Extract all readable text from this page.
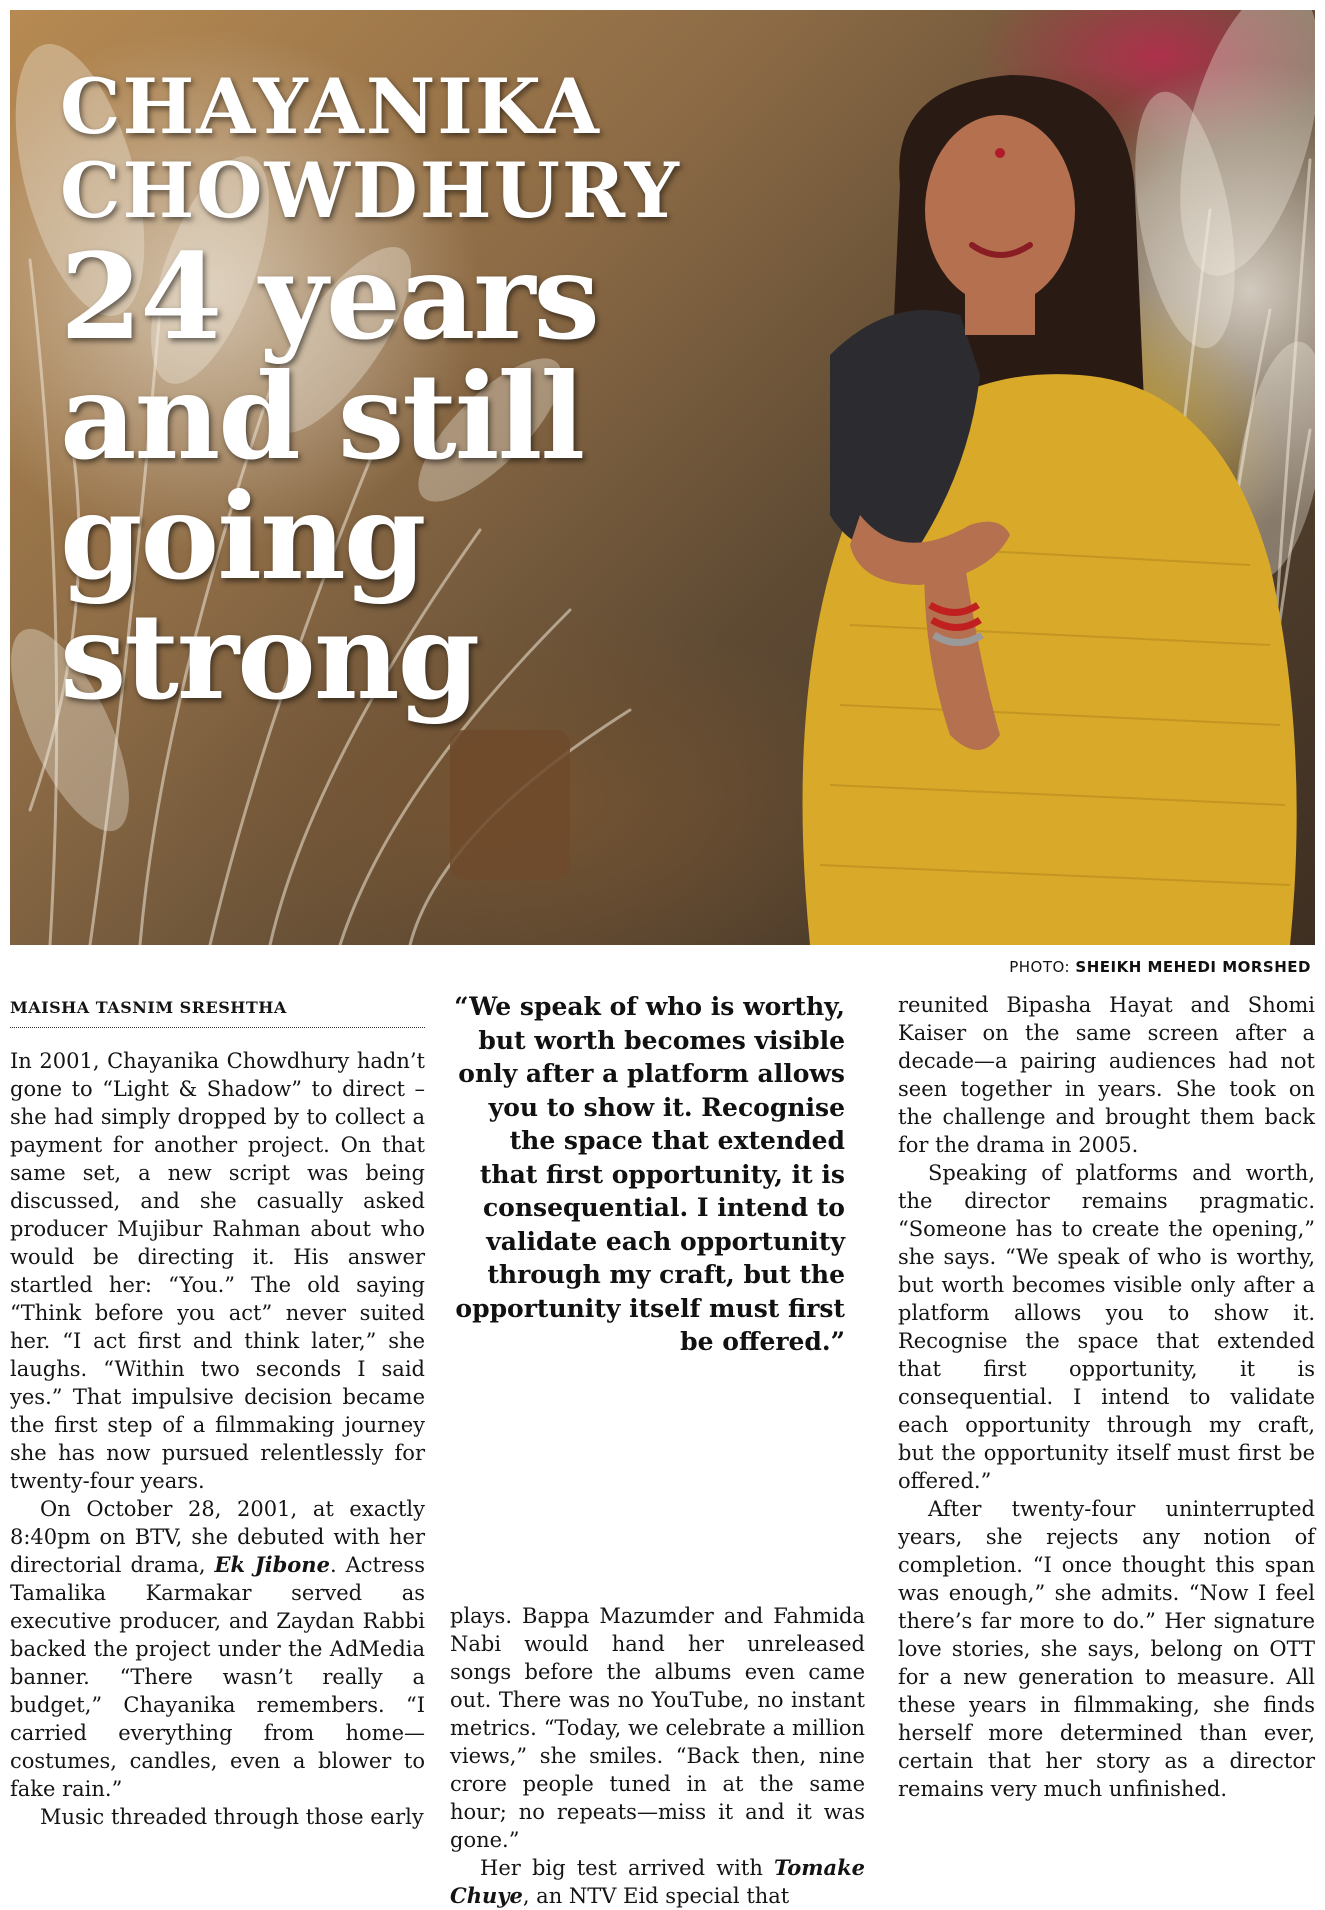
CHAYANIKA
CHOWDHURY
24 years
and still
going
strong
PHOTO: SHEIKH MEHEDI MORSHED
MAISHA TASNIM SRESHTHA

In 2001, Chayanika Chowdhury hadn’t gone to “Light & Shadow” to direct – she had simply dropped by to collect a payment for another project. On that same set, a new script was being discussed, and she casually asked producer Mujibur Rahman about who would be directing it. His answer startled her: “You.” The old saying “Think before you act” never suited her. “I act first and think later,” she laughs. “Within two seconds I said yes.” That impulsive decision became the first step of a filmmaking journey she has now pursued relentlessly for twenty-four years.

On October 28, 2001, at exactly 8:40pm on BTV, she debuted with her directorial drama, Ek Jibone. Actress Tamalika Karmakar served as executive producer, and Zaydan Rabbi backed the project under the AdMedia banner. “There wasn’t really a budget,” Chayanika remembers. “I carried everything from home—costumes, candles, even a blower to fake rain.”

Music threaded through those early

“We speak of who is worthy, but worth becomes visible only after a platform allows you to show it. Recognise the space that extended that first opportunity, it is consequential. I intend to validate each opportunity through my craft, but the opportunity itself must first be offered.”

plays. Bappa Mazumder and Fahmida Nabi would hand her unreleased songs before the albums even came out. There was no YouTube, no instant metrics. “Today, we celebrate a million views,” she smiles. “Back then, nine crore people tuned in at the same hour; no repeats—miss it and it was gone.”

Her big test arrived with Tomake Chuye, an NTV Eid special that

reunited Bipasha Hayat and Shomi Kaiser on the same screen after a decade—a pairing audiences had not seen together in years. She took on the challenge and brought them back for the drama in 2005.

Speaking of platforms and worth, the director remains pragmatic. “Someone has to create the opening,” she says. “We speak of who is worthy, but worth becomes visible only after a platform allows you to show it. Recognise the space that extended that first opportunity, it is consequential. I intend to validate each opportunity through my craft, but the opportunity itself must first be offered.”

After twenty-four uninterrupted years, she rejects any notion of completion. “I once thought this span was enough,” she admits. “Now I feel there’s far more to do.” Her signature love stories, she says, belong on OTT for a new generation to measure. All these years in filmmaking, she finds herself more determined than ever, certain that her story as a director remains very much unfinished.
